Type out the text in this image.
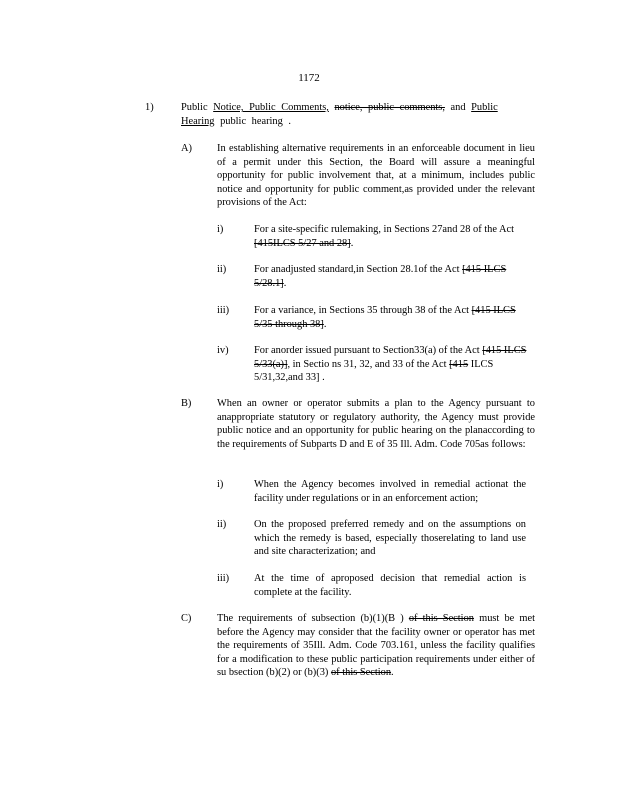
1172
1)	Public Notice, Public Comments, notice, public comments, and Public Hearing public hearing .

A) In establishing alternative requirements in an enforceable document in lieu of a permit under this Section, the Board will assure a meaningful opportunity for public involvement that, at a minimum, includes public notice and opportunity for public comment,as provided under the relevant provisions of the Act:

i)	For a site-specific rulemaking, in Sections 27and 28 of the Act [415ILCS 5/27 and 28].

ii)	For anadjusted standard,in Section 28.1of the Act [415 ILCS 5/28.1].

iii) For a variance, in Sections 35 through 38 of the Act [415 ILCS 5/35 through 38].

iv) For anorder issued pursuant to Section33(a) of the Act [415 ILCS 5/33(a)], in Sectio ns 31, 32, and 33 of the Act [415 ILCS 5/31,32,and 33] .

B) When an owner or operator submits a plan to the Agency pursuant to anappropriate statutory or regulatory authority, the Agency must provide public notice and an opportunity for public hearing on the planaccording to the requirements of Subparts D and E of 35 Ill. Adm. Code 705as follows:

i)	When the Agency becomes involved in remedial actionat the facility under regulations or in an enforcement action;
ii)	On the proposed preferred remedy and on the assumptions on which the remedy is based, especially thoserelating to land use and site characterization; and
iii) At the time of aproposed decision that remedial action is complete at the facility.
C) The requirements of subsection (b)(1)(B ) of this Section must be met before the Agency may consider that the facility owner or operator has met the requirements of 35Ill. Adm. Code 703.161, unless the facility qualifies for a modification to these public participation requirements under either of su bsection (b)(2) or (b)(3) of this Section.
